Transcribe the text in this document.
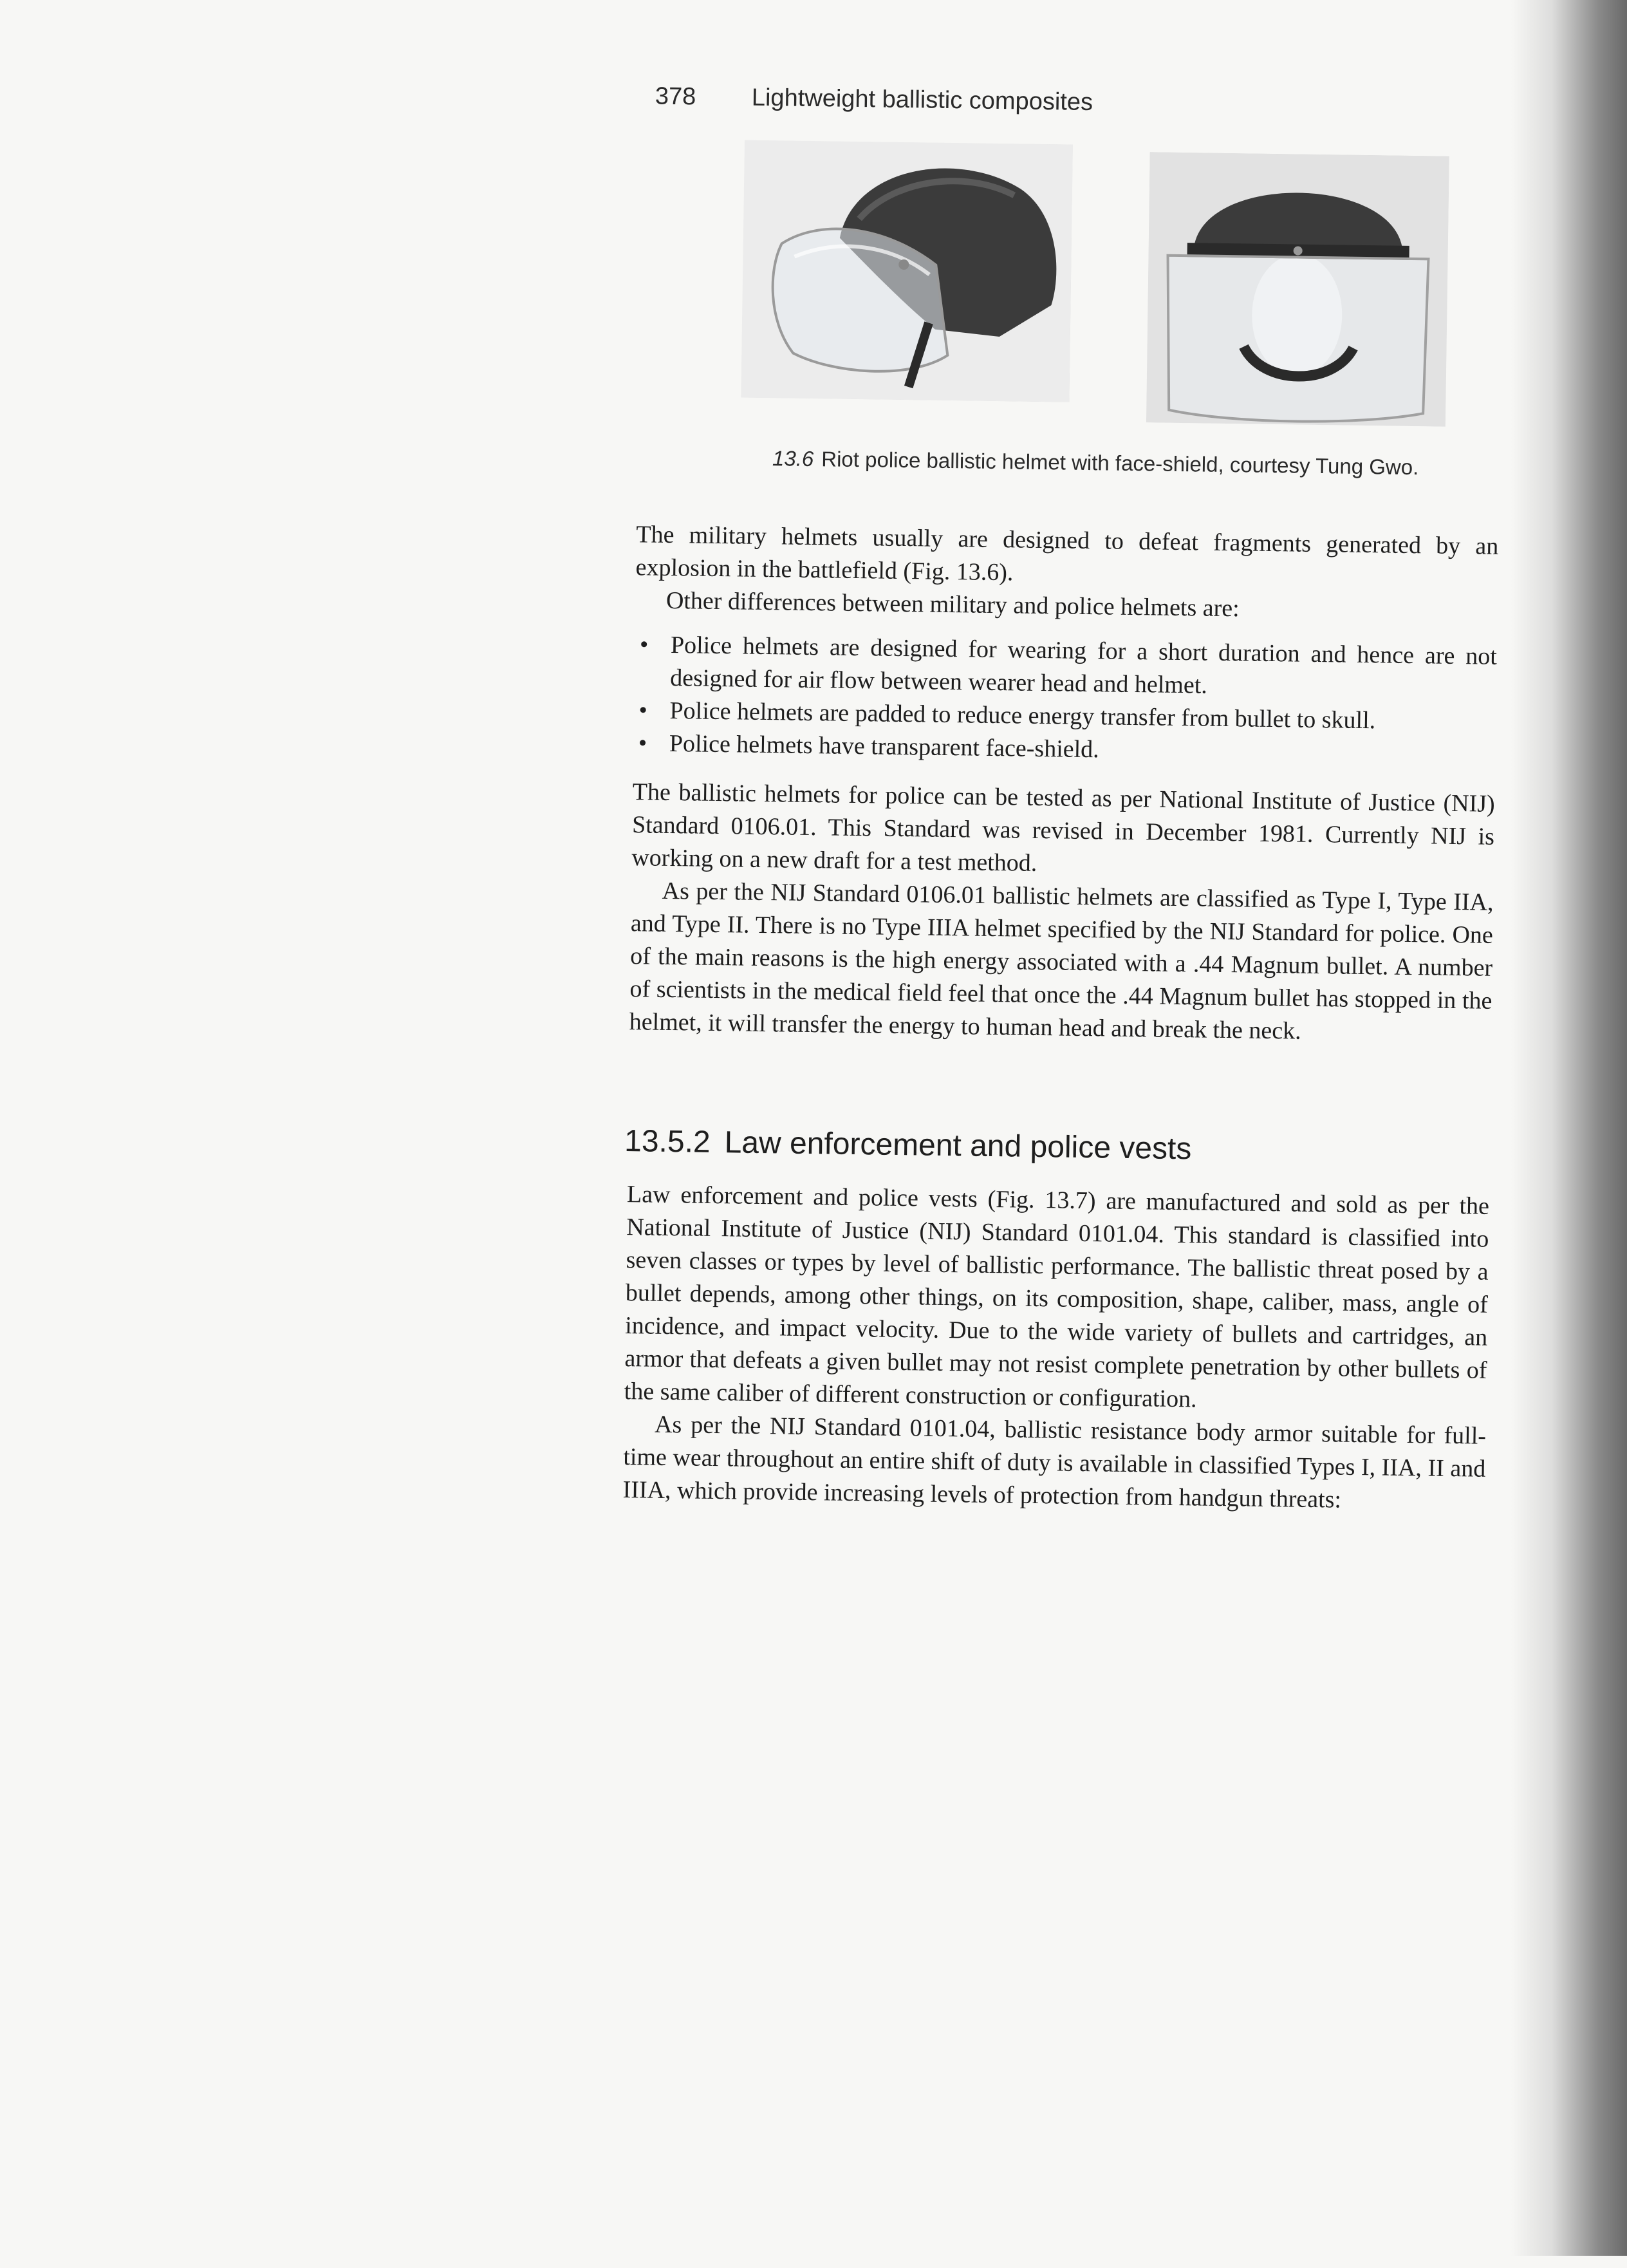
378 Lightweight ballistic composites
13.6 Riot police ballistic helmet with face-shield, courtesy Tung Gwo.

The military helmets usually are designed to defeat fragments generated by an explosion in the battlefield (Fig. 13.6).

Other differences between military and police helmets are:

• Police helmets are designed for wearing for a short duration and hence are not designed for air flow between wearer head and helmet.
• Police helmets are padded to reduce energy transfer from bullet to skull.
• Police helmets have transparent face-shield.

The ballistic helmets for police can be tested as per National Institute of Justice (NIJ) Standard 0106.01. This Standard was revised in December 1981. Currently NIJ is working on a new draft for a test method.

As per the NIJ Standard 0106.01 ballistic helmets are classified as Type I, Type IIA, and Type II. There is no Type IIIA helmet specified by the NIJ Standard for police. One of the main reasons is the high energy associated with a .44 Magnum bullet. A number of scientists in the medical field feel that once the .44 Magnum bullet has stopped in the helmet, it will transfer the energy to human head and break the neck.

13.5.2 Law enforcement and police vests

Law enforcement and police vests (Fig. 13.7) are manufactured and sold as per the National Institute of Justice (NIJ) Standard 0101.04. This standard is classified into seven classes or types by level of ballistic performance. The ballistic threat posed by a bullet depends, among other things, on its composition, shape, caliber, mass, angle of incidence, and impact velocity. Due to the wide variety of bullets and cartridges, an armor that defeats a given bullet may not resist complete penetration by other bullets of the same caliber of different construction or configuration.

As per the NIJ Standard 0101.04, ballistic resistance body armor suitable for full-time wear throughout an entire shift of duty is available in classified Types I, IIA, II and IIIA, which provide increasing levels of protection from handgun threats:
